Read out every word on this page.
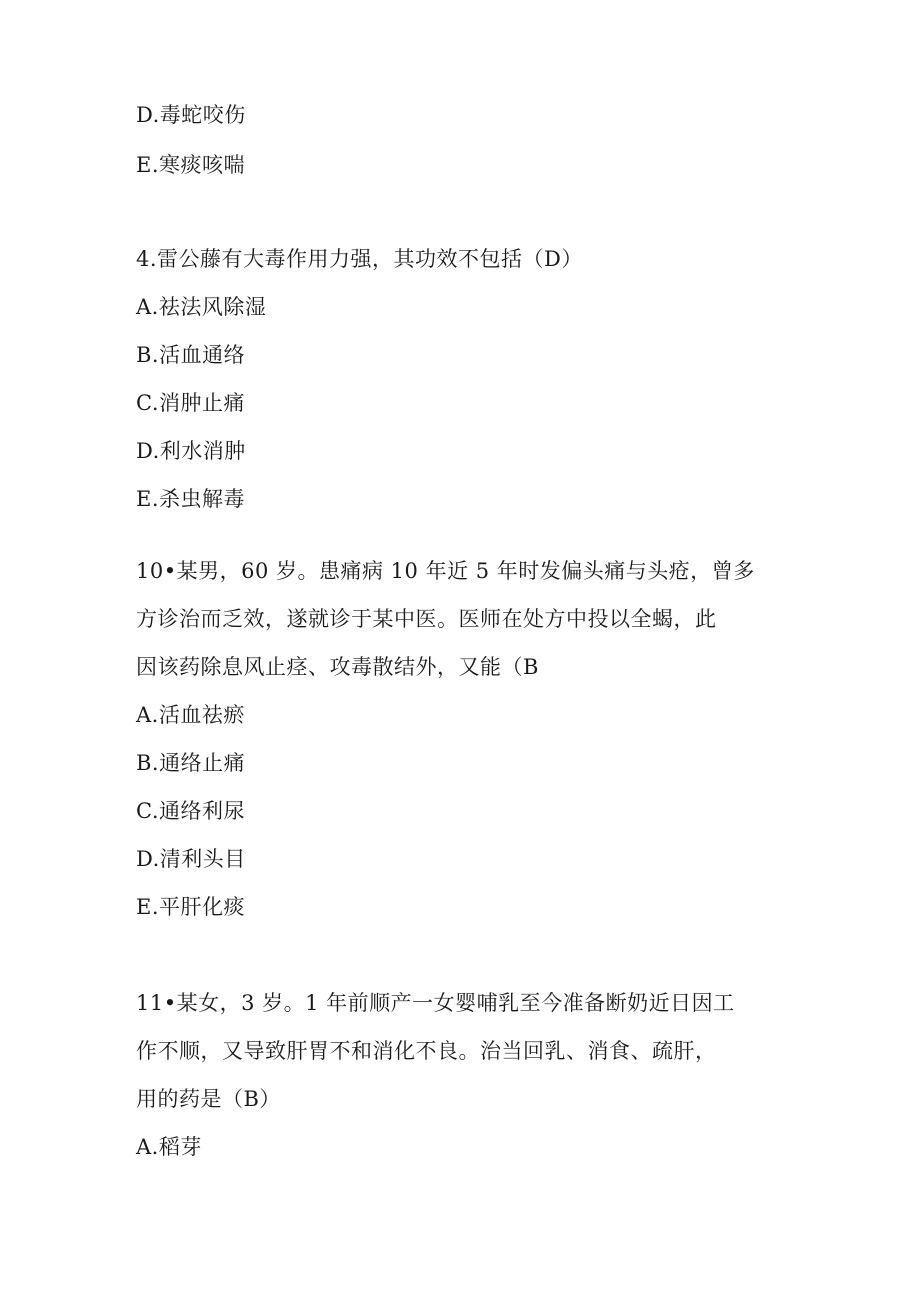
D.毒蛇咬伤
E.寒痰咳喘
4.雷公藤有大毒作用力强，其功效不包括（D）
A.祛法风除湿
B.活血通络
C.消肿止痛
D.利水消肿
E.杀虫解毒
10•某男，60 岁。患痛病 10 年近 5 年时发偏头痛与头疮，曾多
方诊治而乏效，遂就诊于某中医。医师在处方中投以全蝎，此
因该药除息风止痉、攻毒散结外，又能（B
A.活血祛瘀
B.通络止痛
C.通络利尿
D.清利头目
E.平肝化痰
11•某女，3 岁。1 年前顺产一女婴哺乳至今准备断奶近日因工
作不顺，又导致肝胃不和消化不良。治当回乳、消食、疏肝，
用的药是（B）
A.稻芽
